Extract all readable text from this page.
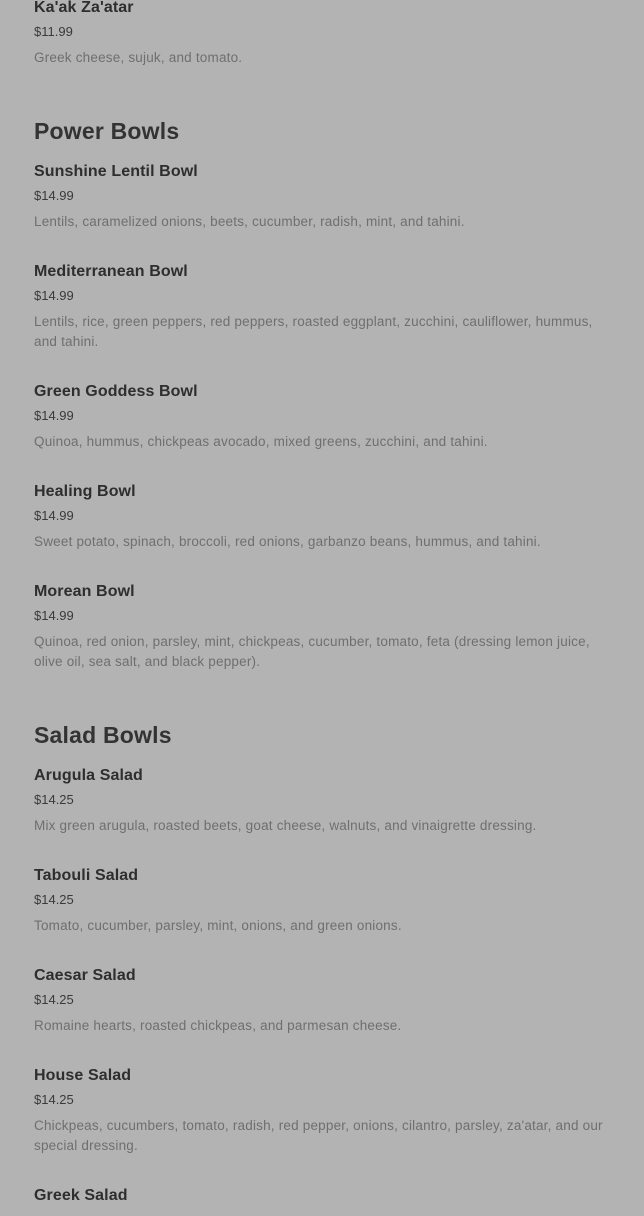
Ka'ak Za'atar
$11.99
Greek cheese, sujuk, and tomato.
Power Bowls
Sunshine Lentil Bowl
$14.99
Lentils, caramelized onions, beets, cucumber, radish, mint, and tahini.
Mediterranean Bowl
$14.99
Lentils, rice, green peppers, red peppers, roasted eggplant, zucchini, cauliflower, hummus, and tahini.
Green Goddess Bowl
$14.99
Quinoa, hummus, chickpeas avocado, mixed greens, zucchini, and tahini.
Healing Bowl
$14.99
Sweet potato, spinach, broccoli, red onions, garbanzo beans, hummus, and tahini.
Morean Bowl
$14.99
Quinoa, red onion, parsley, mint, chickpeas, cucumber, tomato, feta (dressing lemon juice, olive oil, sea salt, and black pepper).
Salad Bowls
Arugula Salad
$14.25
Mix green arugula, roasted beets, goat cheese, walnuts, and vinaigrette dressing.
Tabouli Salad
$14.25
Tomato, cucumber, parsley, mint, onions, and green onions.
Caesar Salad
$14.25
Romaine hearts, roasted chickpeas, and parmesan cheese.
House Salad
$14.25
Chickpeas, cucumbers, tomato, radish, red pepper, onions, cilantro, parsley, za'atar, and our special dressing.
Greek Salad
